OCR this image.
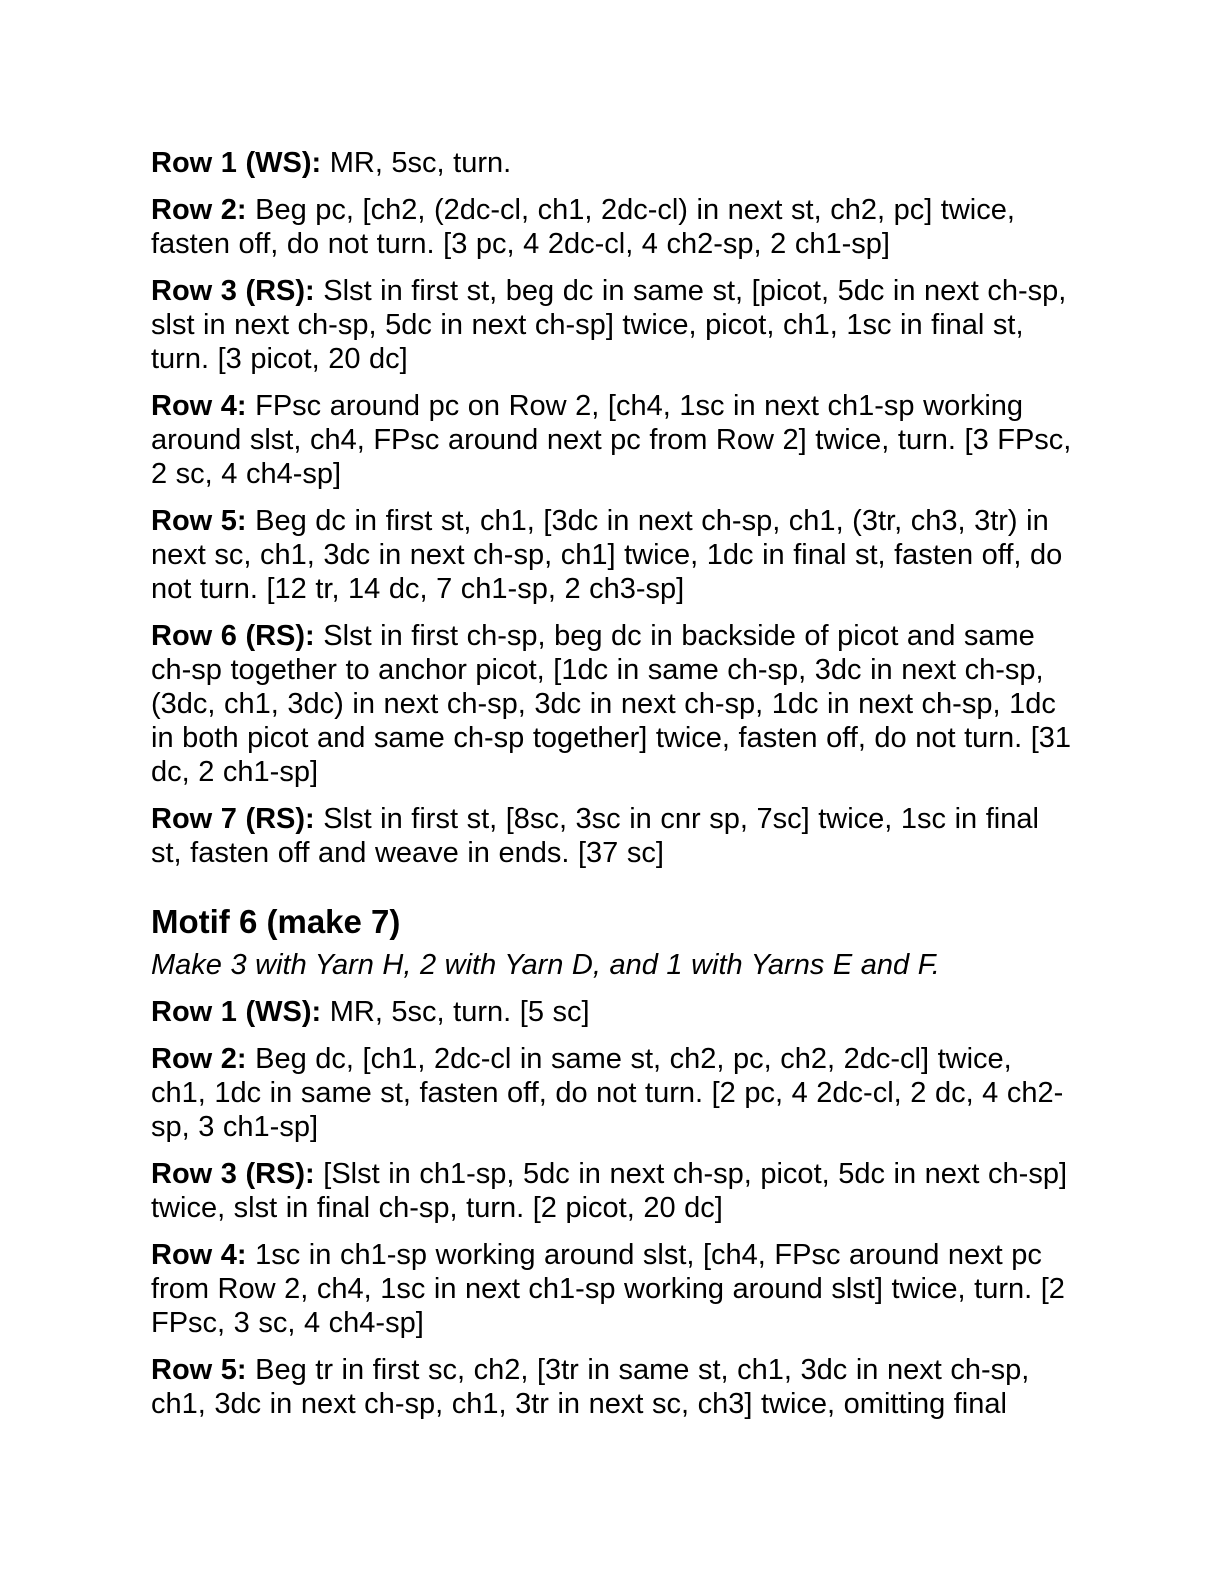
Row 1 (WS): MR, 5sc, turn.

Row 2: Beg pc, [ch2, (2dc-cl, ch1, 2dc-cl) in next st, ch2, pc] twice, fasten off, do not turn. [3 pc, 4 2dc-cl, 4 ch2-sp, 2 ch1-sp]

Row 3 (RS): Slst in first st, beg dc in same st, [picot, 5dc in next ch-sp, slst in next ch-sp, 5dc in next ch-sp] twice, picot, ch1, 1sc in final st, turn. [3 picot, 20 dc]

Row 4: FPsc around pc on Row 2, [ch4, 1sc in next ch1-sp working around slst, ch4, FPsc around next pc from Row 2] twice, turn. [3 FPsc, 2 sc, 4 ch4-sp]

Row 5: Beg dc in first st, ch1, [3dc in next ch-sp, ch1, (3tr, ch3, 3tr) in next sc, ch1, 3dc in next ch-sp, ch1] twice, 1dc in final st, fasten off, do not turn. [12 tr, 14 dc, 7 ch1-sp, 2 ch3-sp]

Row 6 (RS): Slst in first ch-sp, beg dc in backside of picot and same ch-sp together to anchor picot, [1dc in same ch-sp, 3dc in next ch-sp, (3dc, ch1, 3dc) in next ch-sp, 3dc in next ch-sp, 1dc in next ch-sp, 1dc in both picot and same ch-sp together] twice, fasten off, do not turn. [31 dc, 2 ch1-sp]

Row 7 (RS): Slst in first st, [8sc, 3sc in cnr sp, 7sc] twice, 1sc in final st, fasten off and weave in ends. [37 sc]

Motif 6 (make 7)

Make 3 with Yarn H, 2 with Yarn D, and 1 with Yarns E and F.

Row 1 (WS): MR, 5sc, turn. [5 sc]

Row 2: Beg dc, [ch1, 2dc-cl in same st, ch2, pc, ch2, 2dc-cl] twice, ch1, 1dc in same st, fasten off, do not turn. [2 pc, 4 2dc-cl, 2 dc, 4 ch2-sp, 3 ch1-sp]

Row 3 (RS): [Slst in ch1-sp, 5dc in next ch-sp, picot, 5dc in next ch-sp] twice, slst in final ch-sp, turn. [2 picot, 20 dc]

Row 4: 1sc in ch1-sp working around slst, [ch4, FPsc around next pc from Row 2, ch4, 1sc in next ch1-sp working around slst] twice, turn. [2 FPsc, 3 sc, 4 ch4-sp]

Row 5: Beg tr in first sc, ch2, [3tr in same st, ch1, 3dc in next ch-sp, ch1, 3dc in next ch-sp, ch1, 3tr in next sc, ch3] twice, omitting final
